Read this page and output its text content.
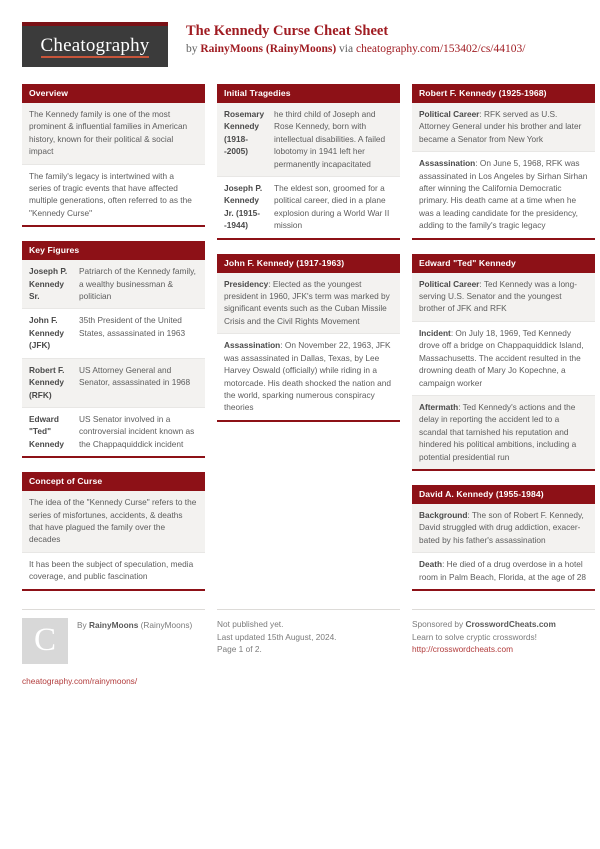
Cheatography
The Kennedy Curse Cheat Sheet
by RainyMoons (RainyMoons) via cheatography.com/153402/cs/44103/
Overview
The Kennedy family is one of the most prominent & influential families in American history, known for their political & social impact
The family's legacy is intertwined with a series of tragic events that have affected multiple generations, often referred to as the "Kennedy Curse"
Key Figures
Joseph P. Kennedy Sr.
Patriarch of the Kennedy family, a wealthy businessman & politician
John F. Kennedy (JFK)
35th President of the United States, assassinated in 1963
Robert F. Kennedy (RFK)
US Attorney General and Senator, assassinated in 1968
Edward "Ted" Kennedy
US Senator involved in a controversial incident known as the Chappaquiddick incident
Concept of Curse
The idea of the "Kennedy Curse" refers to the series of misfortunes, accidents, & deaths that have plagued the family over the decades
It has been the subject of speculation, media coverage, and public fascination
Initial Tragedies
Rosemary Kennedy (1918--2005)
he third child of Joseph and Rose Kennedy, born with intellectual disabilities. A failed lobotomy in 1941 left her permanently incapacitated
Joseph P. Kennedy Jr. (1915--1944)
The eldest son, groomed for a political career, died in a plane explosion during a World War II mission
John F. Kennedy (1917-1963)
Presidency: Elected as the youngest president in 1960, JFK's term was marked by significant events such as the Cuban Missile Crisis and the Civil Rights Movement
Assassination: On November 22, 1963, JFK was assassinated in Dallas, Texas, by Lee Harvey Oswald (officially) while riding in a motorcade. His death shocked the nation and the world, sparking numerous conspiracy theories
Robert F. Kennedy (1925-1968)
Political Career: RFK served as U.S. Attorney General under his brother and later became a Senator from New York
Assassination: On June 5, 1968, RFK was assassinated in Los Angeles by Sirhan Sirhan after winning the California Democratic primary. His death came at a time when he was a leading candidate for the presidency, adding to the family's tragic legacy
Edward "Ted" Kennedy
Political Career: Ted Kennedy was a long-serving U.S. Senator and the youngest brother of JFK and RFK
Incident: On July 18, 1969, Ted Kennedy drove off a bridge on Chappaquiddick Island, Massachusetts. The accident resulted in the drowning death of Mary Jo Kopechne, a campaign worker
Aftermath: Ted Kennedy's actions and the delay in reporting the accident led to a scandal that tarnished his reputation and hindered his political ambitions, including a potential presidential run
David A. Kennedy (1955-1984)
Background: The son of Robert F. Kennedy, David struggled with drug addiction, exacerbated by his father's assassination
Death: He died of a drug overdose in a hotel room in Palm Beach, Florida, at the age of 28
C	By RainyMoons (RainyMoons)
cheatography.com/rainymoons/
Not published yet.
Last updated 15th August, 2024.
Page 1 of 2.
Sponsored by CrosswordCheats.com
Learn to solve cryptic crosswords!
http://crosswordcheats.com
